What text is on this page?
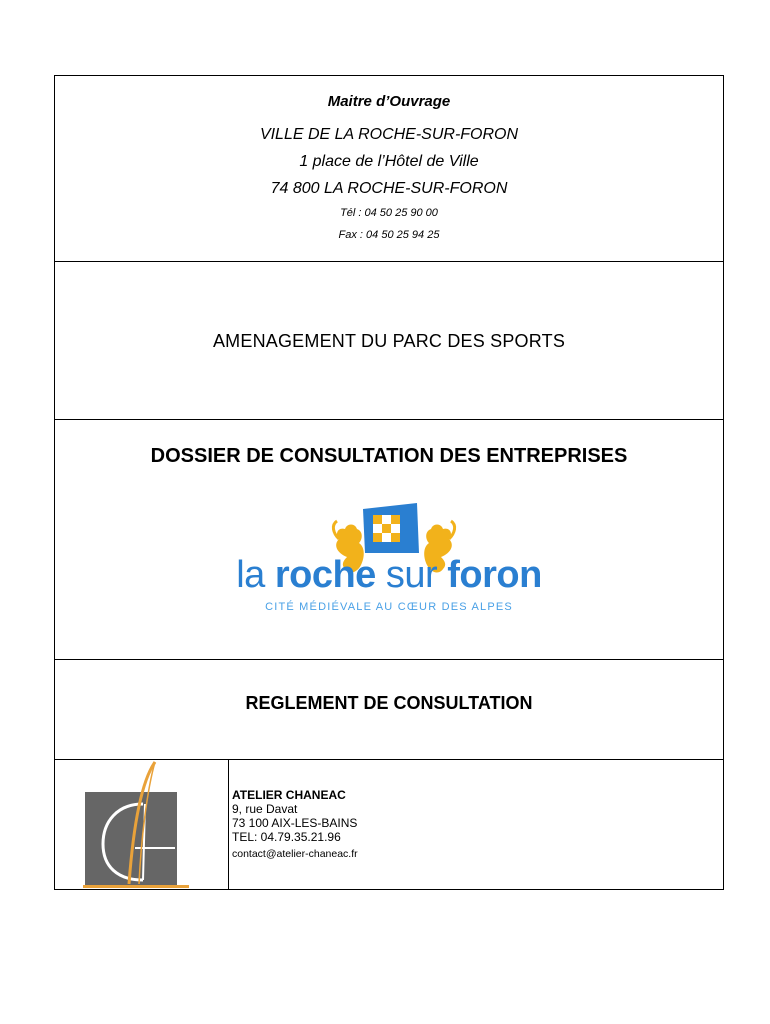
Maitre d’Ouvrage
VILLE DE LA ROCHE-SUR-FORON
1 place de l’Hôtel de Ville
74 800 LA ROCHE-SUR-FORON
Tél : 04 50 25 90 00
Fax : 04 50 25 94 25
AMENAGEMENT DU PARC DES SPORTS
DOSSIER DE CONSULTATION DES ENTREPRISES
la roche sur foron
CITÉ MÉDIÉVALE AU CŒUR DES ALPES
REGLEMENT DE CONSULTATION
ATELIER CHANEAC
9, rue Davat
73 100 AIX-LES-BAINS
TEL: 04.79.35.21.96
contact@atelier-chaneac.fr
